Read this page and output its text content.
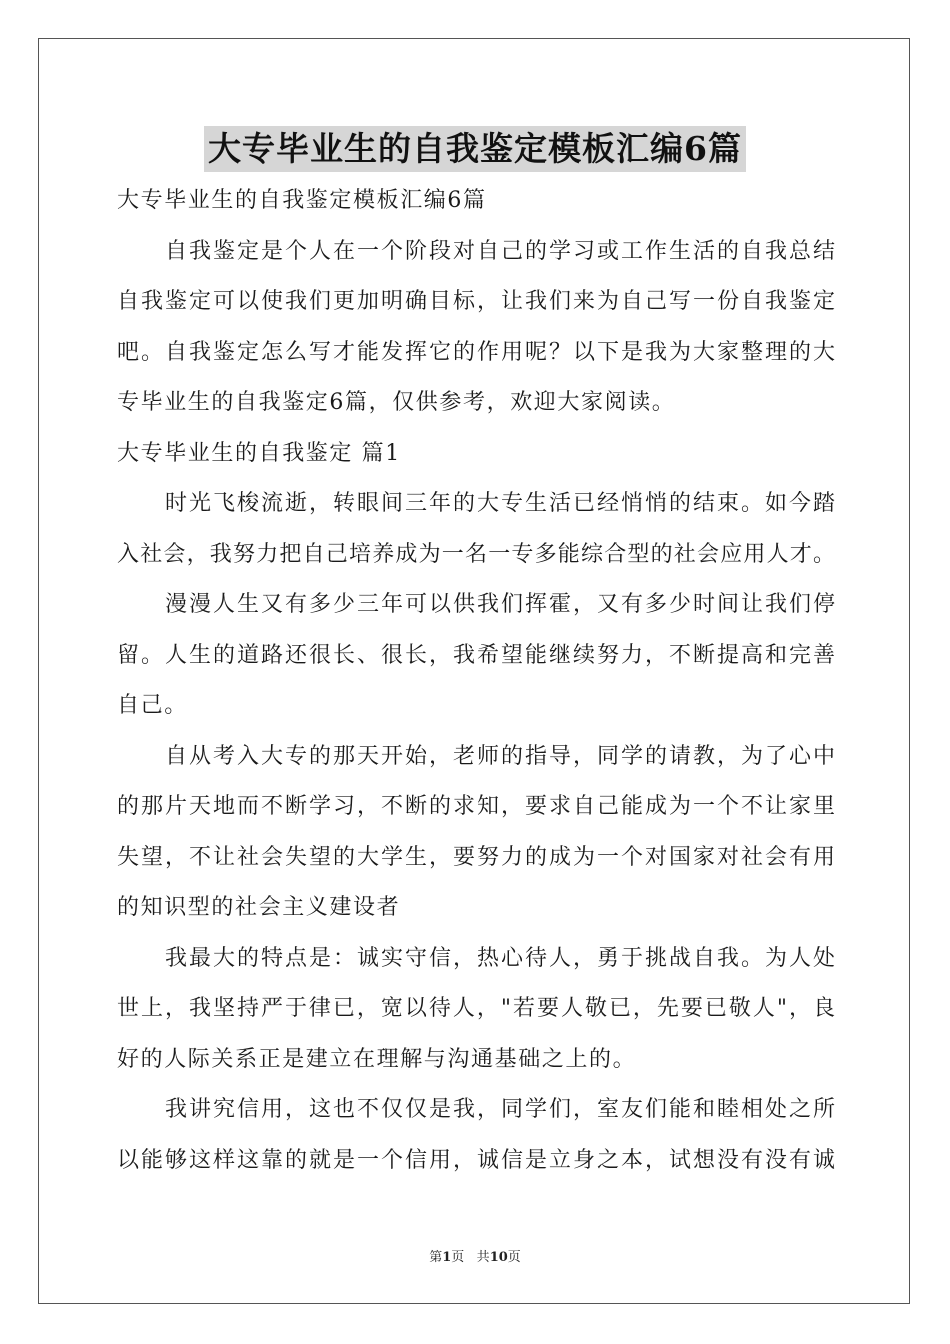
大专毕业生的自我鉴定模板汇编6篇
大专毕业生的自我鉴定模板汇编6篇
自我鉴定是个人在一个阶段对自己的学习或工作生活的自我总结
自我鉴定可以使我们更加明确目标，让我们来为自己写一份自我鉴定
吧。自我鉴定怎么写才能发挥它的作用呢？以下是我为大家整理的大
专毕业生的自我鉴定6篇，仅供参考，欢迎大家阅读。
大专毕业生的自我鉴定 篇1
时光飞梭流逝，转眼间三年的大专生活已经悄悄的结束。如今踏
入社会，我努力把自己培养成为一名一专多能综合型的社会应用人才。
漫漫人生又有多少三年可以供我们挥霍，又有多少时间让我们停
留。人生的道路还很长、很长，我希望能继续努力，不断提高和完善
自己。
自从考入大专的那天开始，老师的指导，同学的请教，为了心中
的那片天地而不断学习，不断的求知，要求自己能成为一个不让家里
失望，不让社会失望的大学生，要努力的成为一个对国家对社会有用
的知识型的社会主义建设者
我最大的特点是：诚实守信，热心待人，勇于挑战自我。为人处
世上，我坚持严于律已，宽以待人，"若要人敬已，先要已敬人"，良
好的人际关系正是建立在理解与沟通基础之上的。
我讲究信用，这也不仅仅是我，同学们，室友们能和睦相处之所
以能够这样这靠的就是一个信用，诚信是立身之本，试想没有没有诚
第1页 共10页
